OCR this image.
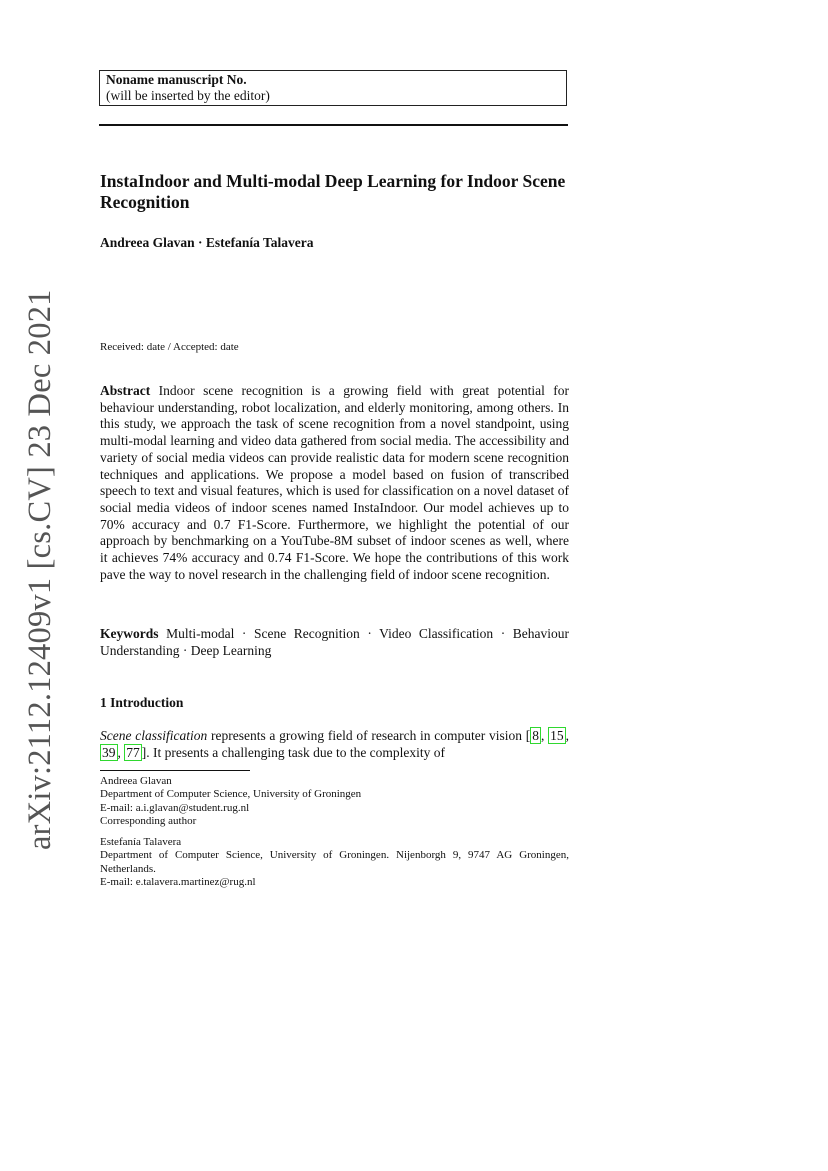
arXiv:2112.12409v1 [cs.CV] 23 Dec 2021
Noname manuscript No.
(will be inserted by the editor)
InstaIndoor and Multi-modal Deep Learning for Indoor Scene Recognition
Andreea Glavan · Estefanía Talavera
Received: date / Accepted: date
Abstract Indoor scene recognition is a growing field with great potential for behaviour understanding, robot localization, and elderly monitoring, among others. In this study, we approach the task of scene recognition from a novel standpoint, using multi-modal learning and video data gathered from social media. The accessibility and variety of social media videos can provide realistic data for modern scene recognition techniques and applications. We propose a model based on fusion of transcribed speech to text and visual features, which is used for classification on a novel dataset of social media videos of indoor scenes named InstaIndoor. Our model achieves up to 70% accuracy and 0.7 F1-Score. Furthermore, we highlight the potential of our approach by benchmarking on a YouTube-8M subset of indoor scenes as well, where it achieves 74% accuracy and 0.74 F1-Score. We hope the contributions of this work pave the way to novel research in the challenging field of indoor scene recognition.
Keywords Multi-modal · Scene Recognition · Video Classification · Behaviour Understanding · Deep Learning
1 Introduction
Scene classification represents a growing field of research in computer vision [ 8 , 15 , 39 , 77 ]. It presents a challenging task due to the complexity of
Andreea Glavan
Department of Computer Science, University of Groningen
E-mail: a.i.glavan@student.rug.nl
Corresponding author
Estefanía Talavera
Department of Computer Science, University of Groningen. Nijenborgh 9, 9747 AG Groningen, Netherlands.
E-mail: e.talavera.martinez@rug.nl
